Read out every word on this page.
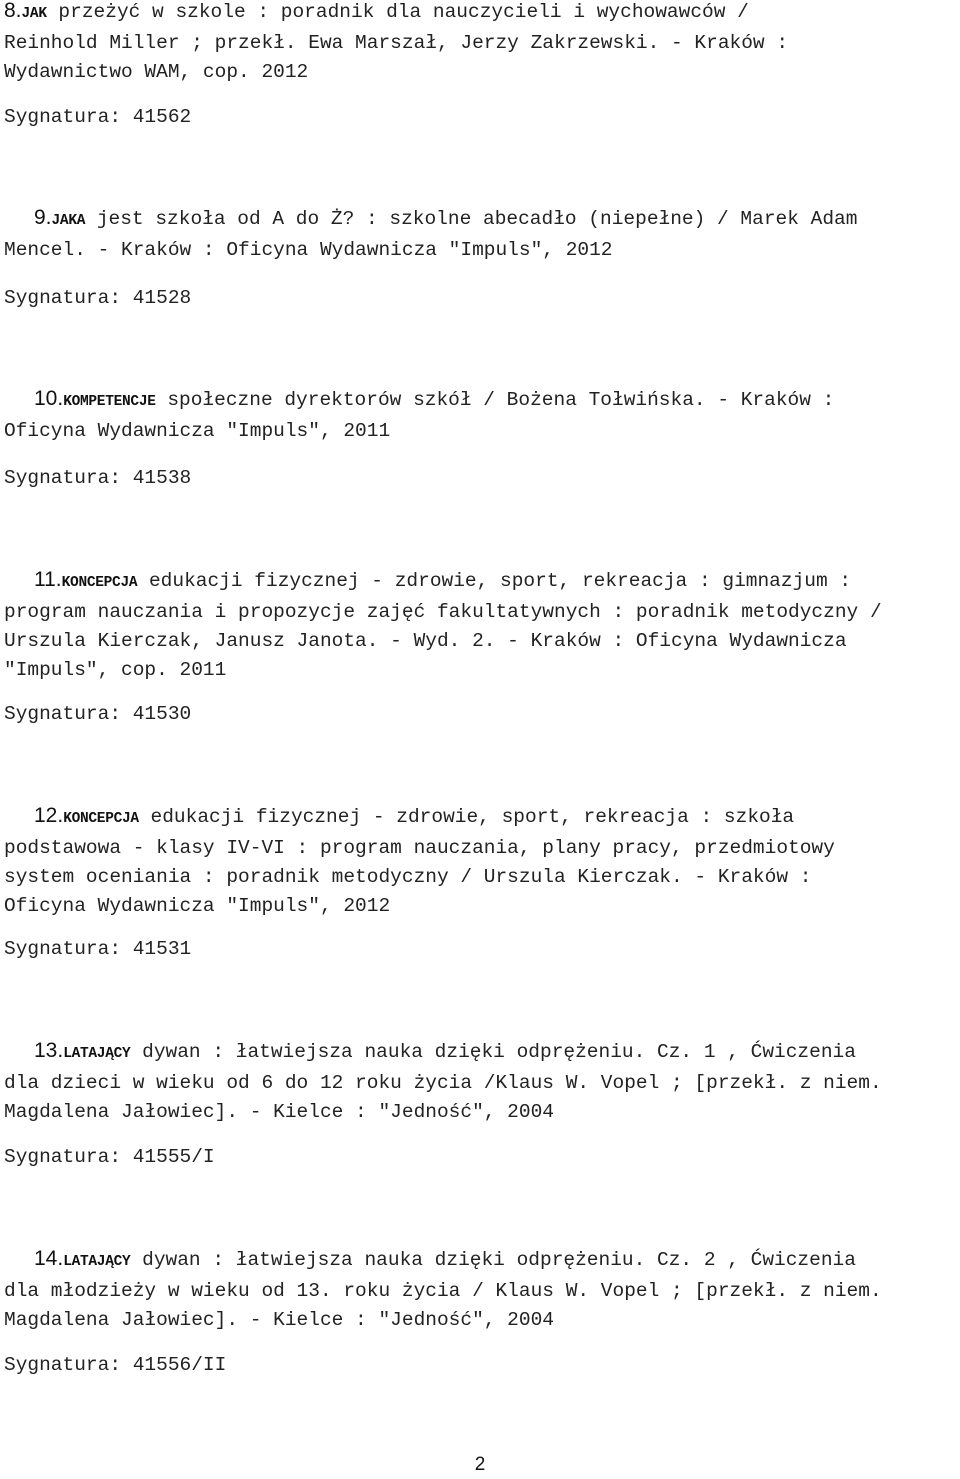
8.JAK przeżyć w szkole : poradnik dla nauczycieli i wychowawców /
Reinhold Miller ; przekł. Ewa Marszał, Jerzy Zakrzewski. - Kraków :
Wydawnictwo WAM, cop. 2012
Sygnatura: 41562
9.JAKA jest szkoła od A do Ż? : szkolne abecadło (niepełne) / Marek Adam
Mencel. - Kraków : Oficyna Wydawnicza "Impuls", 2012
Sygnatura: 41528
10.KOMPETENCJE społeczne dyrektorów szkół / Bożena Tołwińska. - Kraków :
Oficyna Wydawnicza "Impuls", 2011
Sygnatura: 41538
11.KONCEPCJA edukacji fizycznej - zdrowie, sport, rekreacja : gimnazjum :
program nauczania i propozycje zajęć fakultatywnych : poradnik metodyczny /
Urszula Kierczak, Janusz Janota. - Wyd. 2. - Kraków : Oficyna Wydawnicza
"Impuls", cop. 2011
Sygnatura: 41530
12.KONCEPCJA edukacji fizycznej - zdrowie, sport, rekreacja : szkoła
podstawowa - klasy IV-VI : program nauczania, plany pracy, przedmiotowy
system oceniania : poradnik metodyczny / Urszula Kierczak. - Kraków :
Oficyna Wydawnicza "Impuls", 2012
Sygnatura: 41531
13.LATAJĄCY dywan : łatwiejsza nauka dzięki odprężeniu. Cz. 1 , Ćwiczenia
dla dzieci w wieku od 6 do 12 roku życia /Klaus W. Vopel ; [przekł. z niem.
Magdalena Jałowiec]. - Kielce : "Jedność", 2004
Sygnatura: 41555/I
14.LATAJĄCY dywan : łatwiejsza nauka dzięki odprężeniu. Cz. 2 , Ćwiczenia
dla młodzieży w wieku od 13. roku życia / Klaus W. Vopel ; [przekł. z niem.
Magdalena Jałowiec]. - Kielce : "Jedność", 2004
Sygnatura: 41556/II
2
